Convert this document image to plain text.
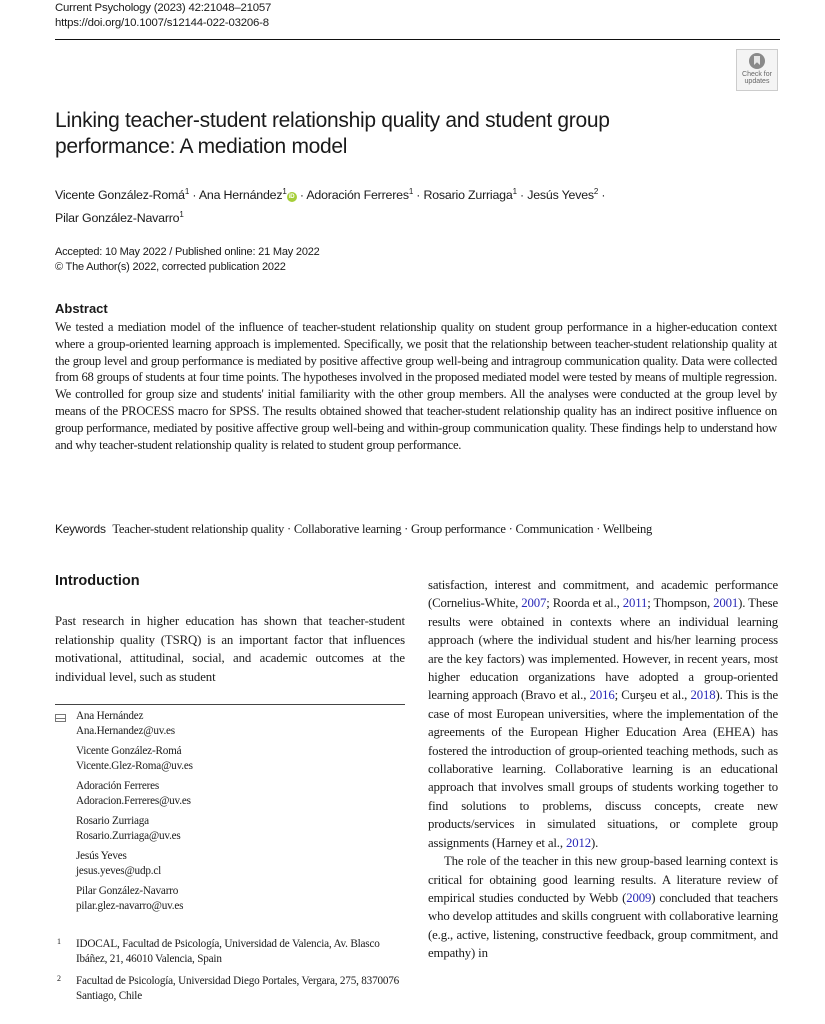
Current Psychology (2023) 42:21048–21057
https://doi.org/10.1007/s12144-022-03206-8
Check for
updates
Linking teacher-student relationship quality and student group performance: A mediation model
Vicente González-Romá$^1$ · Ana Hernández$^1$iD · Adoración Ferreres$^1$ · Rosario Zurriaga$^1$ · Jesús Yeves$^2$ ·
Pilar González-Navarro$^1$
Accepted: 10 May 2022 / Published online: 21 May 2022
© The Author(s) 2022, corrected publication 2022
Abstract
We tested a mediation model of the influence of teacher-student relationship quality on student group performance in a higher-education context where a group-oriented learning approach is implemented. Specifically, we posit that the relationship between teacher-student relationship quality at the group level and group performance is mediated by positive affective group well-being and intragroup communication quality. Data were collected from 68 groups of students at four time points. The hypotheses involved in the proposed mediated model were tested by means of multiple regression. We controlled for group size and students' initial familiarity with the other group members. All the analyses were conducted at the group level by means of the PROCESS macro for SPSS. The results obtained showed that teacher-student relationship quality has an indirect positive influence on group performance, mediated by positive affective group well-being and within-group communication quality. These findings help to understand how and why teacher-student relationship quality is related to student group performance.
Keywords Teacher-student relationship quality · Collaborative learning · Group performance · Communication · Wellbeing
Introduction
Past research in higher education has shown that teacher-student relationship quality (TSRQ) is an important factor that influences motivational, attitudinal, social, and academic outcomes at the individual level, such as student

satisfaction, interest and commitment, and academic performance (Cornelius-White, 2007; Roorda et al., 2011; Thompson, 2001). These results were obtained in contexts where an individual learning approach (where the individual student and his/her learning process are the key factors) was implemented. However, in recent years, most higher education organizations have adopted a group-oriented learning approach (Bravo et al., 2016; Curşeu et al., 2018). This is the case of most European universities, where the implementation of the agreements of the European Higher Education Area (EHEA) has fostered the introduction of group-oriented teaching methods, such as collaborative learning. Collaborative learning is an educational approach that involves small groups of students working together to find solutions to problems, discuss concepts, create new products/services in simulated situations, or complete group assignments (Harney et al., 2012).

The role of the teacher in this new group-based learning context is critical for obtaining good learning results. A literature review of empirical studies conducted by Webb (2009) concluded that teachers who develop attitudes and skills congruent with collaborative learning (e.g., active, listening, constructive feedback, group commitment, and empathy) in

Ana Hernández
Ana.Hernandez@uv.es
Vicente González-Romá
Vicente.Glez-Roma@uv.es
Adoración Ferreres
Adoracion.Ferreres@uv.es
Rosario Zurriaga
Rosario.Zurriaga@uv.es
Jesús Yeves
jesus.yeves@udp.cl
Pilar González-Navarro
pilar.glez-navarro@uv.es
1 IDOCAL, Facultad de Psicología, Universidad de Valencia, Av. Blasco Ibáñez, 21, 46010 Valencia, Spain
2 Facultad de Psicología, Universidad Diego Portales, Vergara, 275, 8370076 Santiago, Chile
